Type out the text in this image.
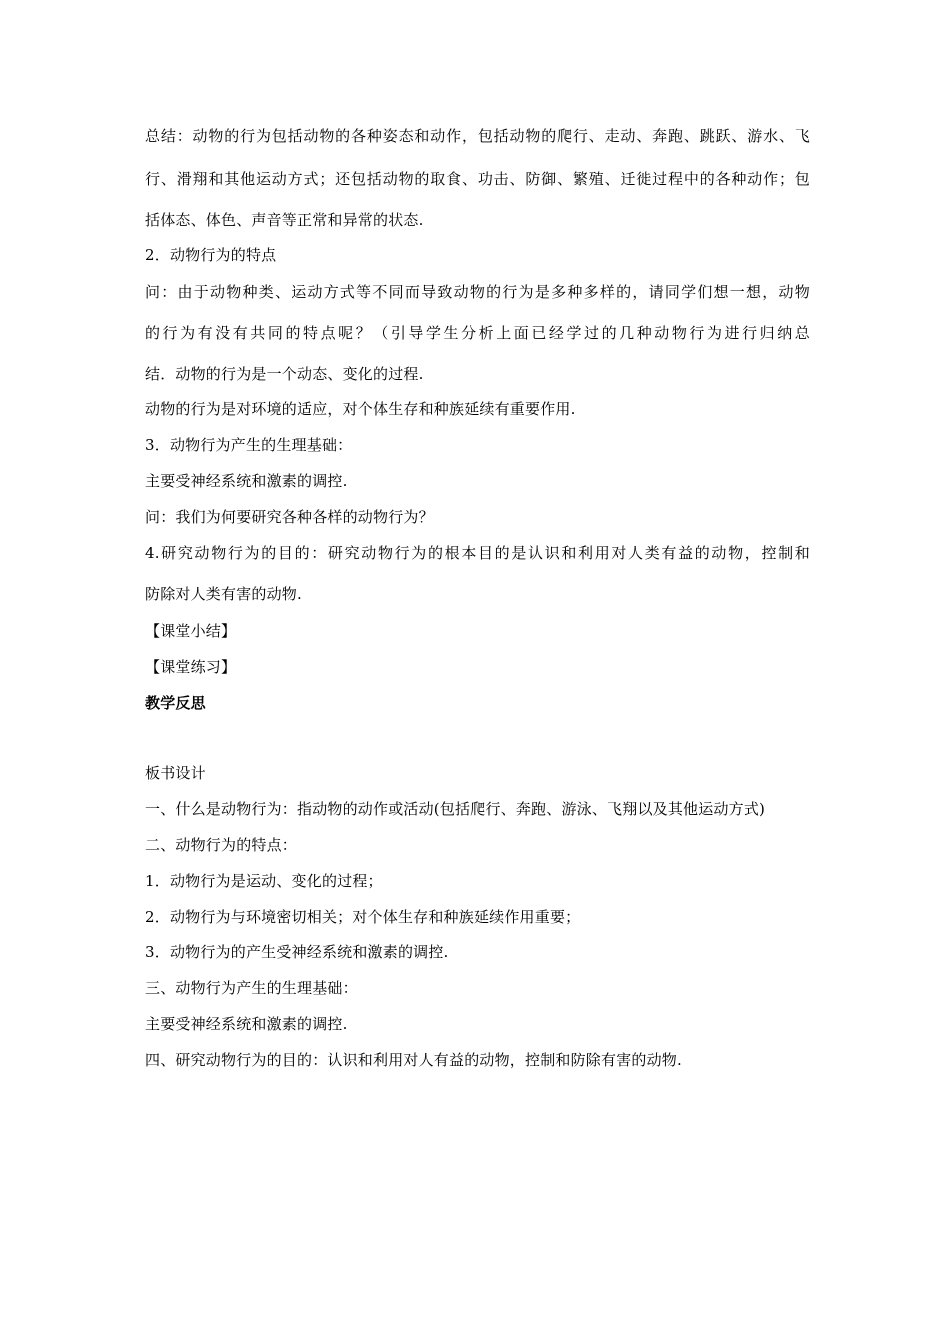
总结：动物的行为包括动物的各种姿态和动作，包括动物的爬行、走动、奔跑、跳跃、游水、飞
行、滑翔和其他运动方式；还包括动物的取食、功击、防御、繁殖、迁徙过程中的各种动作；包
括体态、体色、声音等正常和异常的状态.
2．动物行为的特点
问：由于动物种类、运动方式等不同而导致动物的行为是多种多样的，请同学们想一想，动物
的行为有没有共同的特点呢？（引导学生分析上面已经学过的几种动物行为进行归纳总
结．动物的行为是一个动态、变化的过程.
动物的行为是对环境的适应，对个体生存和种族延续有重要作用.
3．动物行为产生的生理基础：
主要受神经系统和激素的调控.
问：我们为何要研究各种各样的动物行为？
4.研究动物行为的目的：研究动物行为的根本目的是认识和利用对人类有益的动物，控制和
防除对人类有害的动物.
【课堂小结】
【课堂练习】
教学反思
板书设计
一、什么是动物行为：指动物的动作或活动(包括爬行、奔跑、游泳、飞翔以及其他运动方式)
二、动物行为的特点：
1．动物行为是运动、变化的过程；
2．动物行为与环境密切相关；对个体生存和种族延续作用重要；
3．动物行为的产生受神经系统和激素的调控.
三、动物行为产生的生理基础：
主要受神经系统和激素的调控.
四、研究动物行为的目的：认识和利用对人有益的动物，控制和防除有害的动物.
